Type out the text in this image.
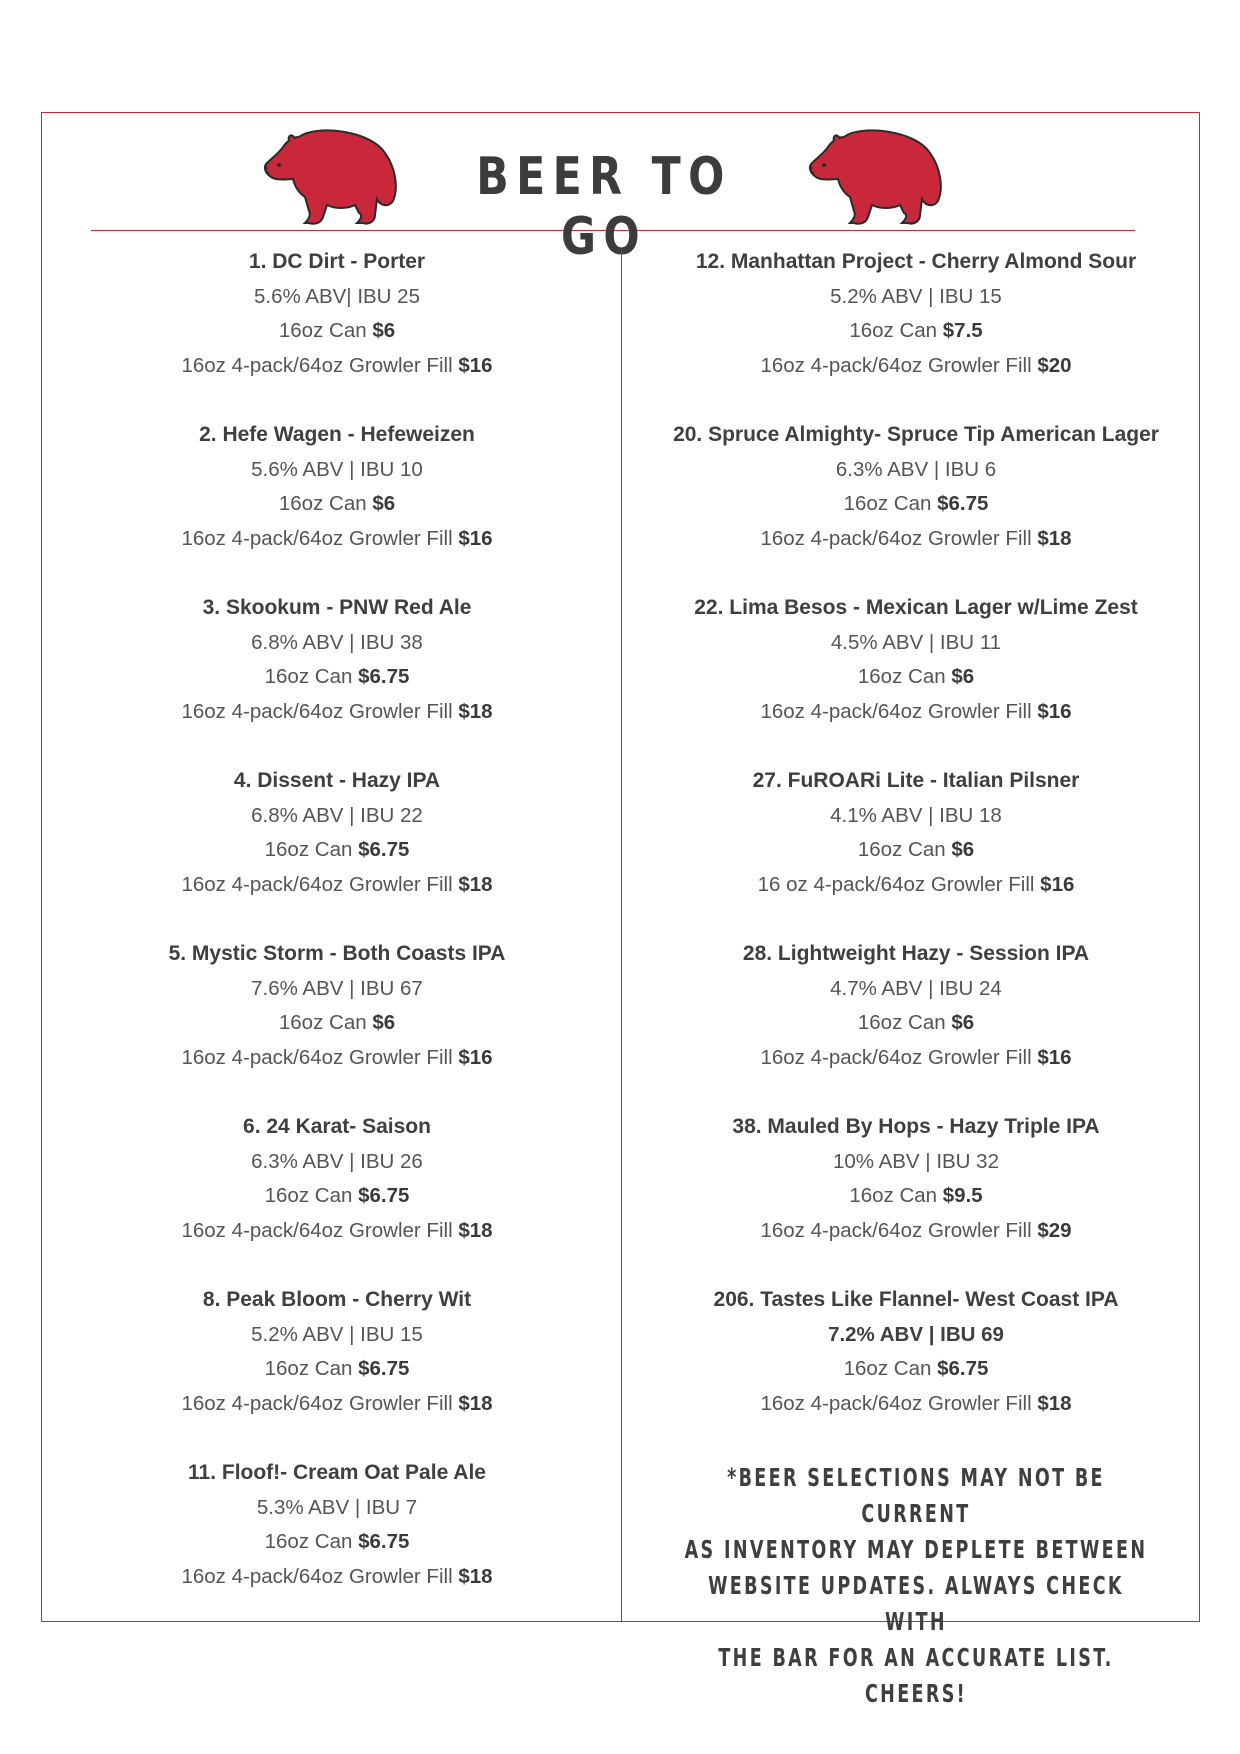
BEER TO GO
1. DC Dirt - Porter
5.6% ABV| IBU 25
16oz Can $6
16oz 4-pack/64oz Growler Fill $16
2. Hefe Wagen - Hefeweizen
5.6% ABV | IBU 10
16oz Can $6
16oz 4-pack/64oz Growler Fill $16
3. Skookum - PNW Red Ale
6.8% ABV | IBU 38
16oz Can $6.75
16oz 4-pack/64oz Growler Fill $18
4. Dissent - Hazy IPA
6.8% ABV | IBU 22
16oz Can $6.75
16oz 4-pack/64oz Growler Fill $18
5. Mystic Storm - Both Coasts IPA
7.6% ABV | IBU 67
16oz Can $6
16oz 4-pack/64oz Growler Fill $16
6. 24 Karat- Saison
6.3% ABV | IBU 26
16oz Can $6.75
16oz 4-pack/64oz Growler Fill $18
8. Peak Bloom - Cherry Wit
5.2% ABV | IBU 15
16oz Can $6.75
16oz 4-pack/64oz Growler Fill $18
11. Floof!- Cream Oat Pale Ale
5.3% ABV | IBU 7
16oz Can $6.75
16oz 4-pack/64oz Growler Fill $18
12. Manhattan Project - Cherry Almond Sour
5.2% ABV | IBU 15
16oz Can $7.5
16oz 4-pack/64oz Growler Fill $20
20. Spruce Almighty- Spruce Tip American Lager
6.3% ABV | IBU 6
16oz Can $6.75
16oz 4-pack/64oz Growler Fill $18
22. Lima Besos - Mexican Lager w/Lime Zest
4.5% ABV | IBU 11
16oz Can $6
16oz 4-pack/64oz Growler Fill $16
27. FuROARi Lite - Italian Pilsner
4.1% ABV | IBU 18
16oz Can $6
16 oz 4-pack/64oz Growler Fill $16
28. Lightweight Hazy - Session IPA
4.7% ABV | IBU 24
16oz Can $6
16oz 4-pack/64oz Growler Fill $16
38. Mauled By Hops - Hazy Triple IPA
10% ABV | IBU 32
16oz Can $9.5
16oz 4-pack/64oz Growler Fill $29
206. Tastes Like Flannel- West Coast IPA
7.2% ABV | IBU 69
16oz Can $6.75
16oz 4-pack/64oz Growler Fill $18
*BEER SELECTIONS MAY NOT BE CURRENT
AS INVENTORY MAY DEPLETE BETWEEN
WEBSITE UPDATES. ALWAYS CHECK WITH
THE BAR FOR AN ACCURATE LIST. CHEERS!
